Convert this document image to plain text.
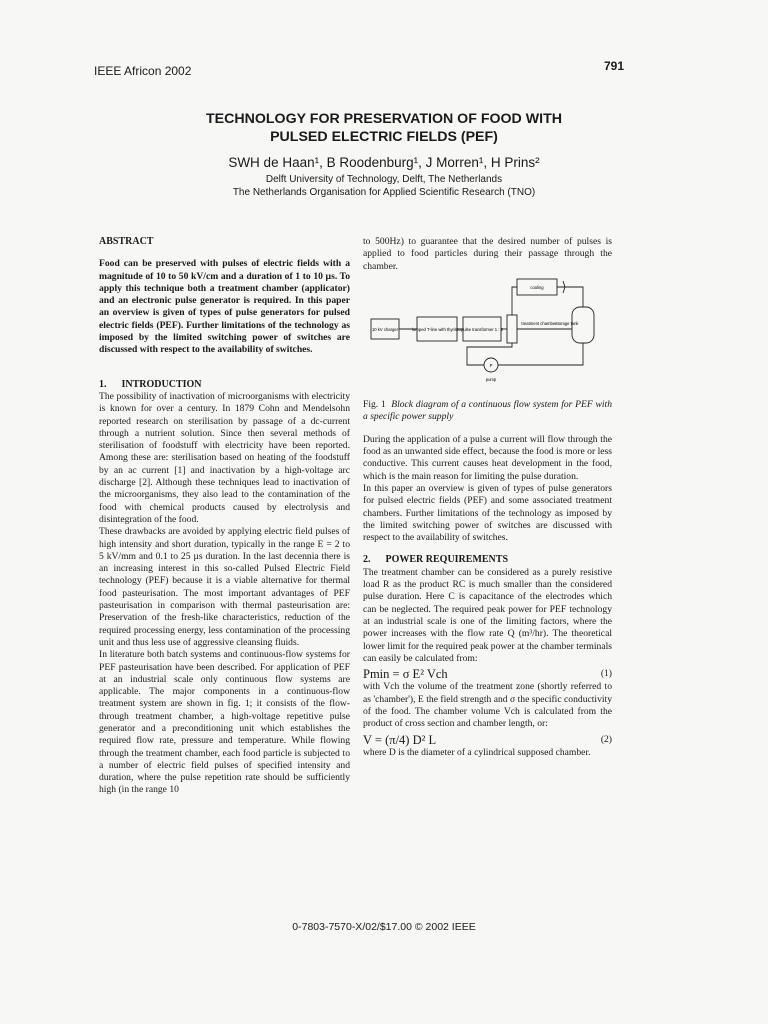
IEEE Africon 2002	791
TECHNOLOGY FOR PRESERVATION OF FOOD WITH
PULSED ELECTRIC FIELDS (PEF)
SWH de Haan¹, B Roodenburg¹, J Morren¹, H Prins²
Delft University of Technology, Delft, The Netherlands
The Netherlands Organisation for Applied Scientific Research (TNO)

ABSTRACT

Food can be preserved with pulses of electric fields with a magnitude of 10 to 50 kV/cm and a duration of 1 to 10 µs. To apply this technique both a treatment chamber (applicator) and an electronic pulse generator is required. In this paper an overview is given of types of pulse generators for pulsed electric fields (PEF). Further limitations of the technology as imposed by the limited switching power of switches are discussed with respect to the availability of switches.

1.      INTRODUCTION

The possibility of inactivation of microorganisms with electricity is known for over a century. In 1879 Cohn and Mendelsohn reported research on sterilisation by passage of a dc-current through a nutrient solution. Since then several methods of sterilisation of foodstuff with electricity have been reported. Among these are: sterilisation based on heating of the foodstuff by an ac current [1] and inactivation by a high-voltage arc discharge [2]. Although these techniques lead to inactivation of the microorganisms, they also lead to the contamination of the food with chemical products caused by electrolysis and disintegration of the food.

These drawbacks are avoided by applying electric field pulses of high intensity and short duration, typically in the range E = 2 to 5 kV/mm and 0.1 to 25 µs duration. In the last decennia there is an increasing interest in this so-called Pulsed Electric Field technology (PEF) because it is a viable alternative for thermal food pasteurisation. The most important advantages of PEF pasteurisation in comparison with thermal pasteurisation are: Preservation of the fresh-like characteristics, reduction of the required processing energy, less contamination of the processing unit and thus less use of aggressive cleansing fluids.

In literature both batch systems and continuous-flow systems for PEF pasteurisation have been described. For application of PEF at an industrial scale only continuous flow systems are applicable. The major components in a continuous-flow treatment system are shown in fig. 1; it consists of the flow-through treatment chamber, a high-voltage repetitive pulse generator and a preconditioning unit which establishes the required flow rate, pressure and temperature. While flowing through the treatment chamber, each food particle is subjected to a number of electric field pulses of specified intensity and duration, where the pulse repetition rate should be sufficiently high (in the range 10

to 500Hz) to guarantee that the desired number of pulses is applied to food particles during their passage through the chamber.

cooling
10 kV charger	lumped T-line with thyristor pulse transformer 1 : 2
treatment chamber
storage tank
P
pump

Fig. 1  Block diagram of a continuous flow system for PEF with a specific power supply

During the application of a pulse a current will flow through the food as an unwanted side effect, because the food is more or less conductive. This current causes heat development in the food, which is the main reason for limiting the pulse duration.

In this paper an overview is given of types of pulse generators for pulsed electric fields (PEF) and some associated treatment chambers. Further limitations of the technology as imposed by the limited switching power of switches are discussed with respect to the availability of switches.

2.      POWER REQUIREMENTS

The treatment chamber can be considered as a purely resistive load R as the product RC is much smaller than the considered pulse duration. Here C is capacitance of the electrodes which can be neglected. The required peak power for PEF technology at an industrial scale is one of the limiting factors, where the power increases with the flow rate Q (m³/hr). The theoretical lower limit for the required peak power at the chamber terminals can easily be calculated from:

Pmin = σ E² Vch	(1)

with Vch the volume of the treatment zone (shortly referred to as 'chamber'), E the field strength and σ the specific conductivity of the food. The chamber volume Vch is calculated from the product of cross section and chamber length, or:

V = (π/4) D² L	(2)

where D is the diameter of a cylindrical supposed chamber.

0-7803-7570-X/02/$17.00 © 2002 IEEE
